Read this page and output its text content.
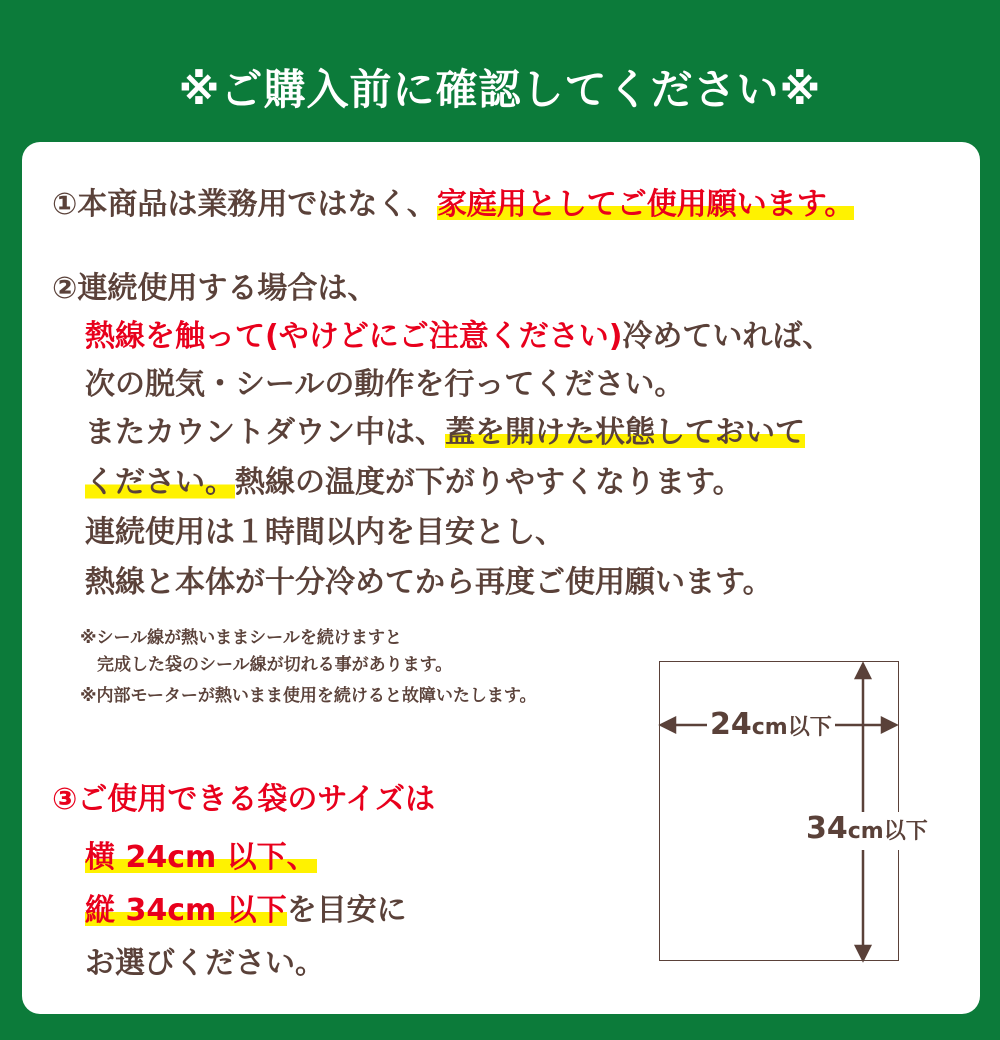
※ご購入前に確認してください※
①本商品は業務用ではなく、家庭用としてご使用願います。
②連続使用する場合は、
熱線を触って(やけどにご注意ください)冷めていれば、
次の脱気・シールの動作を行ってください。
またカウントダウン中は、蓋を開けた状態しておいて
ください。熱線の温度が下がりやすくなります。
連続使用は１時間以内を目安とし、
熱線と本体が十分冷めてから再度ご使用願います。
※シール線が熱いままシールを続けますと
　完成した袋のシール線が切れる事があります。
※内部モーターが熱いまま使用を続けると故障いたします。
③ご使用できる袋のサイズは
横 24cm 以下、
縦 34cm 以下を目安に
お選びください。
24cm以下
34cm以下
